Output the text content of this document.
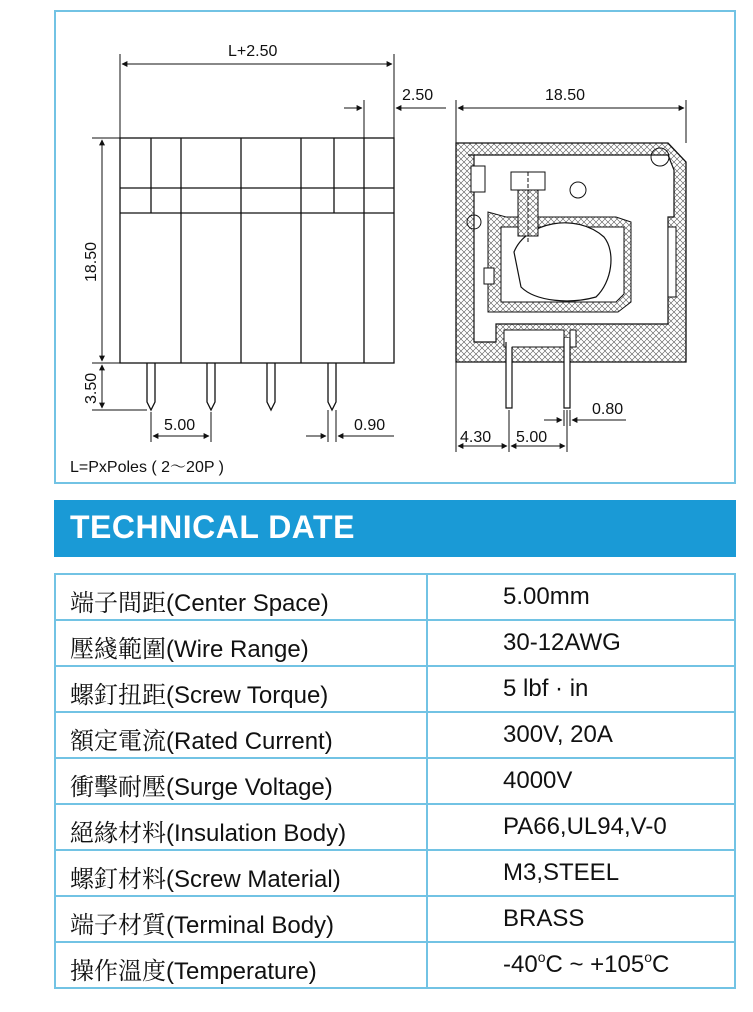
L+2.50
2.50	18.50
18.50
3.50
5.00	0.90
0.80
4.30 5.00
L=PxPoles ( 2～20P )
TECHNICAL DATE
端子間距(Center Space)	5.00mm
壓綫範圍(Wire Range)	30-12AWG
螺釘扭距(Screw Torque)	5 lbf · in
額定電流(Rated Current)	300V, 20A
衝擊耐壓(Surge Voltage)	4000V
絕緣材料(Insulation Body)	PA66,UL94,V-0
螺釘材料(Screw Material)	M3,STEEL
端子材質(Terminal Body)	BRASS
操作溫度(Temperature)	-40$^o$C ~ $+105^oC$
